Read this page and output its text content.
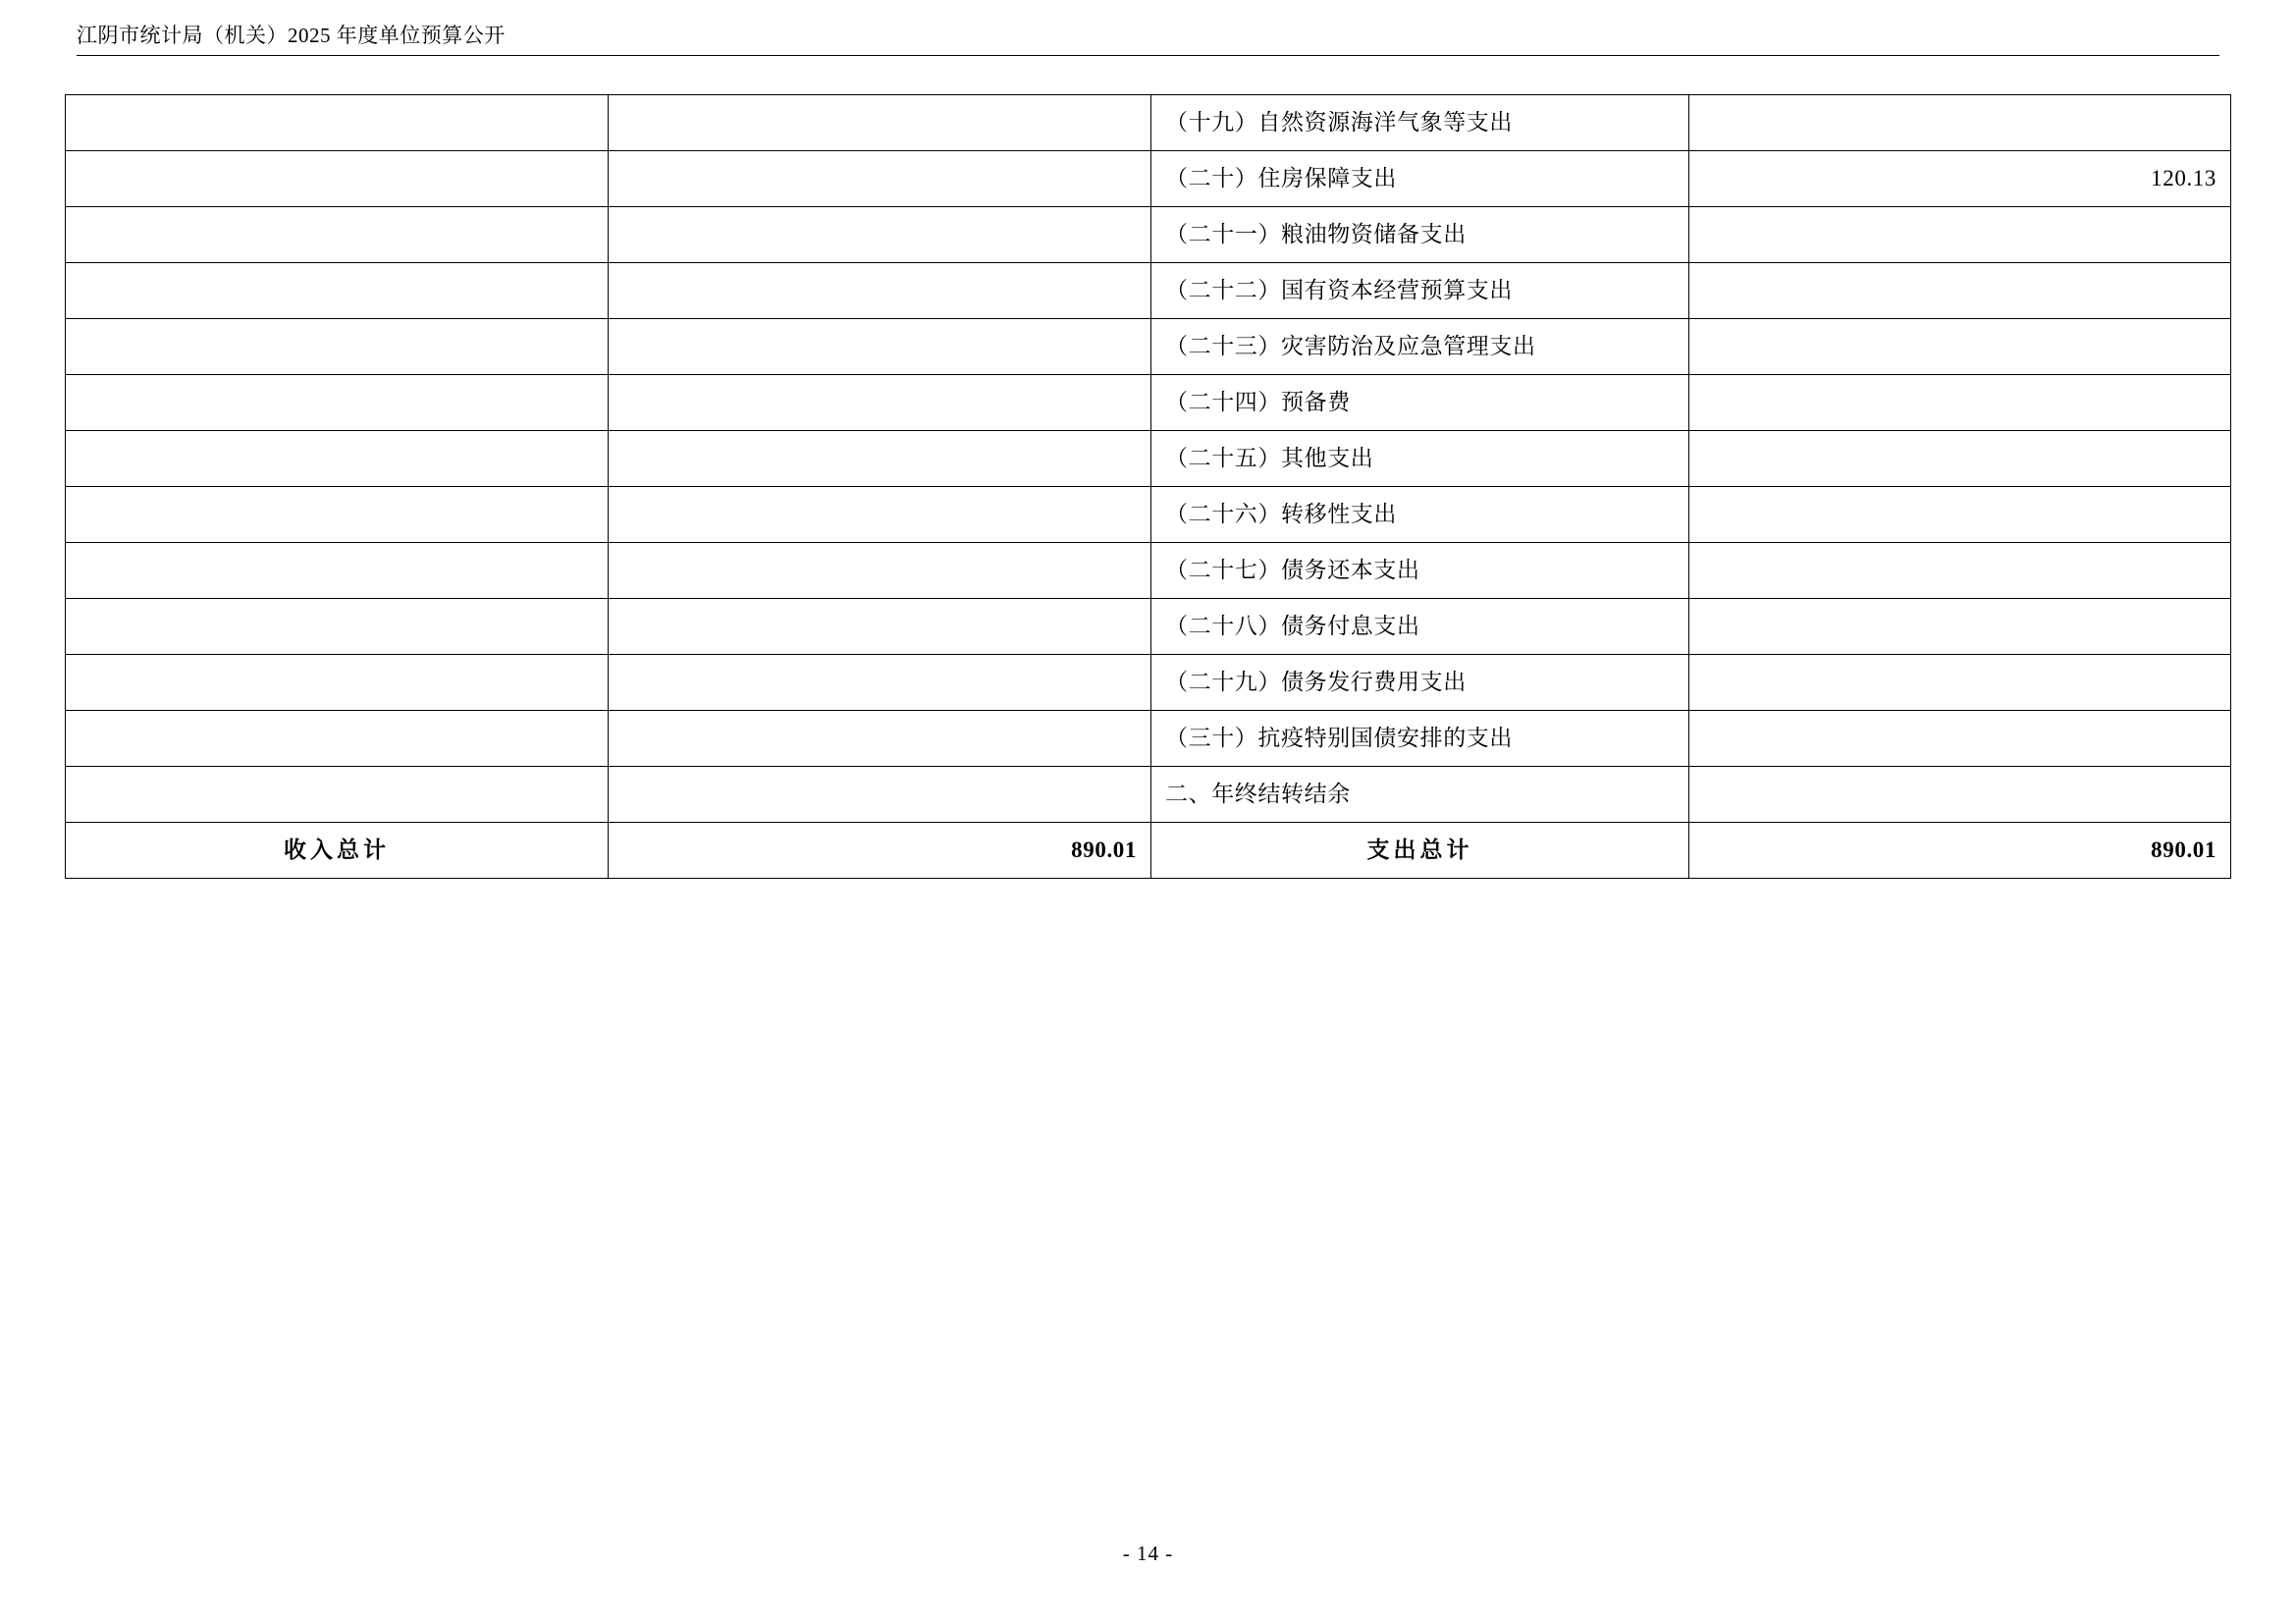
江阴市统计局（机关）2025 年度单位预算公开
		（十九）自然资源海洋气象等支出	
		（二十）住房保障支出	120.13
		（二十一）粮油物资储备支出	
		（二十二）国有资本经营预算支出	
		（二十三）灾害防治及应急管理支出	
		（二十四）预备费	
		（二十五）其他支出	
		（二十六）转移性支出	
		（二十七）债务还本支出	
		（二十八）债务付息支出	
		（二十九）债务发行费用支出	
		（三十）抗疫特别国债安排的支出	
		二、年终结转结余	
收入总计	890.01	支出总计	890.01
- 14 -
